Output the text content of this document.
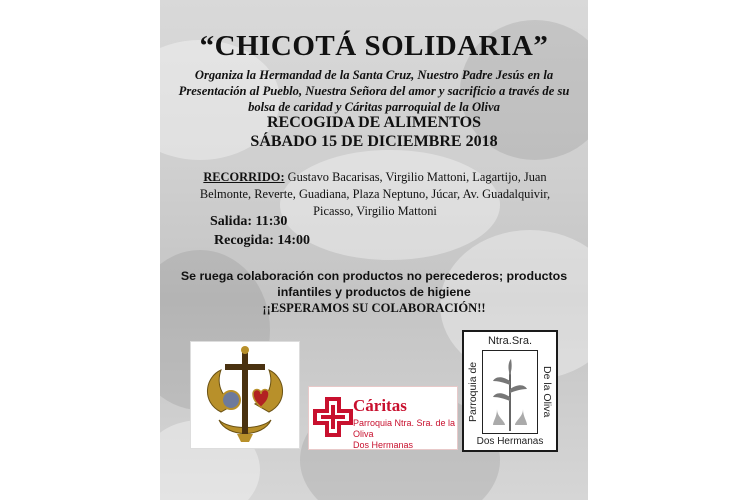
“CHICOTÁ SOLIDARIA”
Organiza la Hermandad de la Santa Cruz, Nuestro Padre Jesús en la Presentación al Pueblo, Nuestra Señora del amor y sacrificio a través de su bolsa de caridad y Cáritas parroquial de la Oliva
RECOGIDA DE ALIMENTOS
SÁBADO 15 DE DICIEMBRE 2018
RECORRIDO: Gustavo Bacarisas, Virgilio Mattoni, Lagartijo, Juan Belmonte, Reverte, Guadiana, Plaza Neptuno, Júcar, Av. Guadalquivir, Picasso, Virgilio Mattoni
Salida: 11:30
Recogida: 14:00
Se ruega colaboración con productos no perecederos; productos
infantiles y productos de higiene
¡¡ESPERAMOS SU COLABORACIÓN!!
Cáritas
Parroquia Ntra. Sra. de la Oliva
Dos Hermanas
Ntra.Sra.
Parroquia de	De la Oliva
Dos Hermanas
